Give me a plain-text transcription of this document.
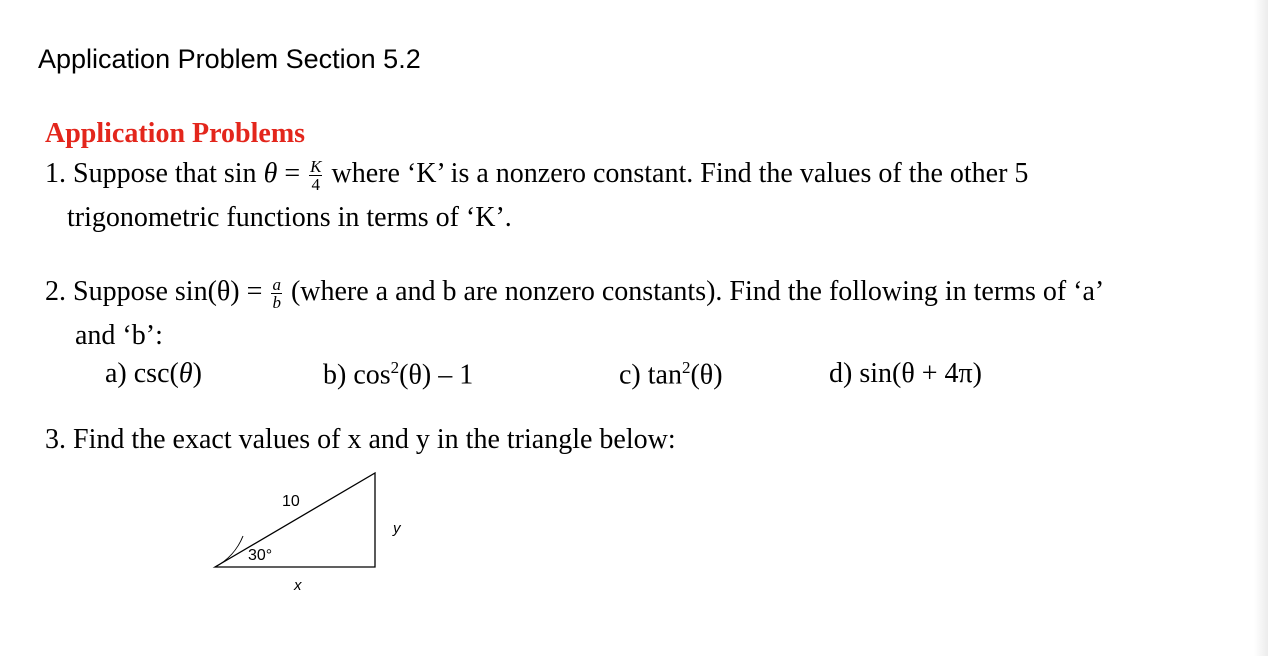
Application Problem Section 5.2
Application Problems
1. Suppose that $\sin \theta = \frac{K}{4}$ where ‘K’ is a nonzero constant. Find the values of the other 5
trigonometric functions in terms of ‘K’.
2. Suppose $\sin(\theta) = \frac{a}{b}$ (where a and b are nonzero constants). Find the following in terms of ‘a’
and ‘b’:
a) csc(θ)	b) $\cos^2(\theta) - 1$	c) $\tan^2(\theta)$	d) sin(θ + 4π)
3. Find the exact values of x and y in the triangle below:
10
30°
y
x
